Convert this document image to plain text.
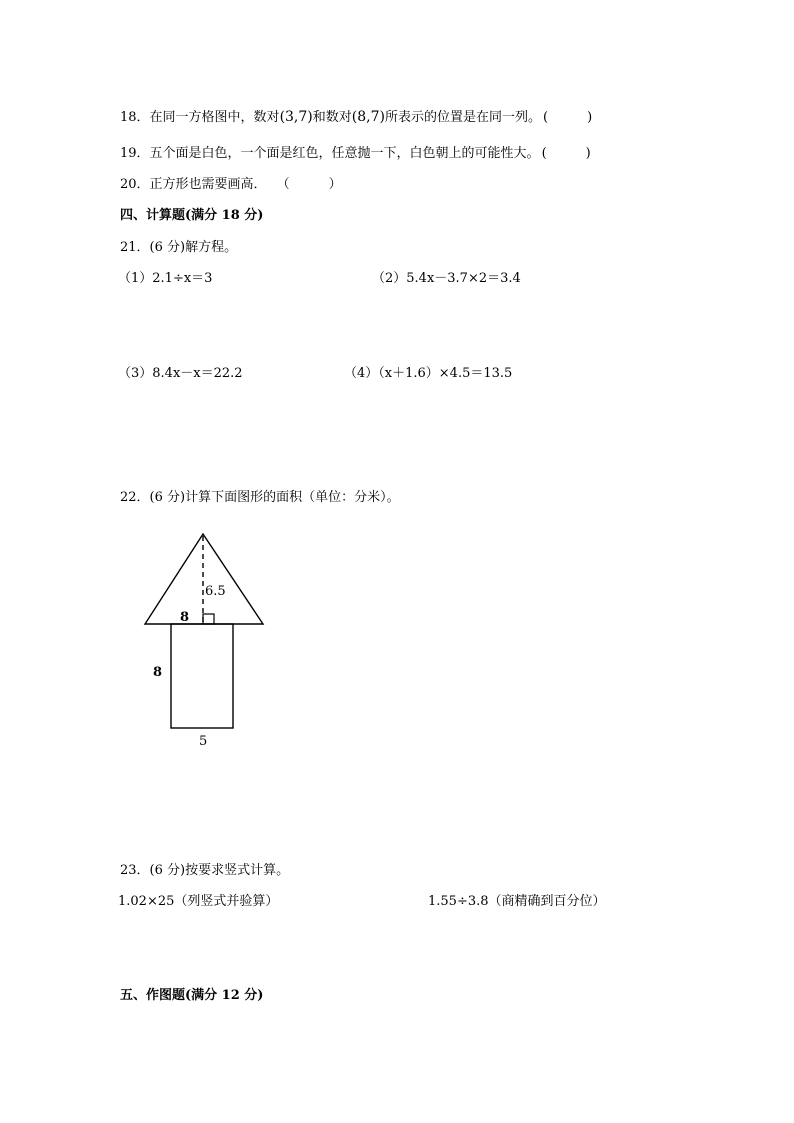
18．在同一方格图中，数对(3,7)和数对(8,7)所表示的位置是在同一列。 (　　　)
19．五个面是白色，一个面是红色，任意抛一下，白色朝上的可能性大。 (　　　)
20．正方形也需要画高． （　　　）
四、计算题(满分 18 分)
21．(6 分)解方程。
（1）2.1÷x＝3	（2）5.4x－3.7×2＝3.4
（3）8.4x－x＝22.2	（4）（x＋1.6）×4.5＝13.5
22．(6 分)计算下面图形的面积（单位：分米）。
6.5
8
8
5
23．(6 分)按要求竖式计算。
1.02×25（列竖式并验算）	1.55÷3.8（商精确到百分位）
五、作图题(满分 12 分)
